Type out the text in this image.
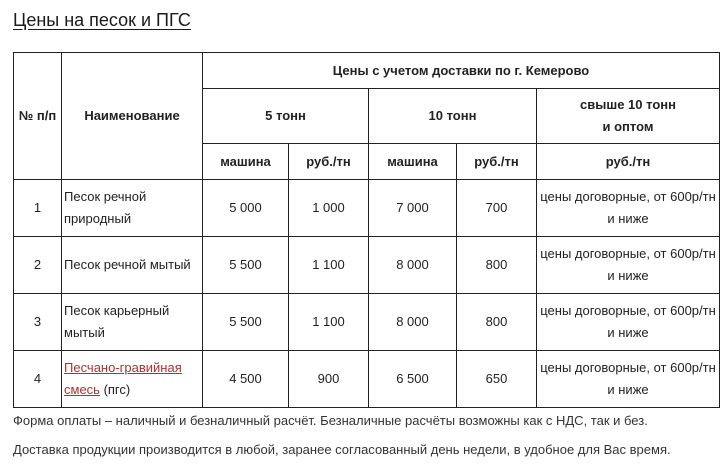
Цены на песок и ПГС
№ п/п	Наименование	Цены с учетом доставки по г. Кемерово				
		5 тонн		10 тонн		свыше 10 тонн
и оптом
		машина	руб./тн	машина	руб./тн	руб./тн
1	Песок речной природный	5 000	1 000	7 000	700	цены договорные, от 600р/тн и ниже
2	Песок речной мытый	5 500	1 100	8 000	800	цены договорные, от 600р/тн и ниже
3	Песок карьерный мытый	5 500	1 100	8 000	800	цены договорные, от 600р/тн и ниже
4	Песчано-гравийная смесь (пгс)	4 500	900	6 500	650	цены договорные, от 600р/тн и ниже

Форма оплаты – наличный и безналичный расчёт. Безналичные расчёты возможны как с НДС, так и без.

Доставка продукции производится в любой, заранее согласованный день недели, в удобное для Вас время.
